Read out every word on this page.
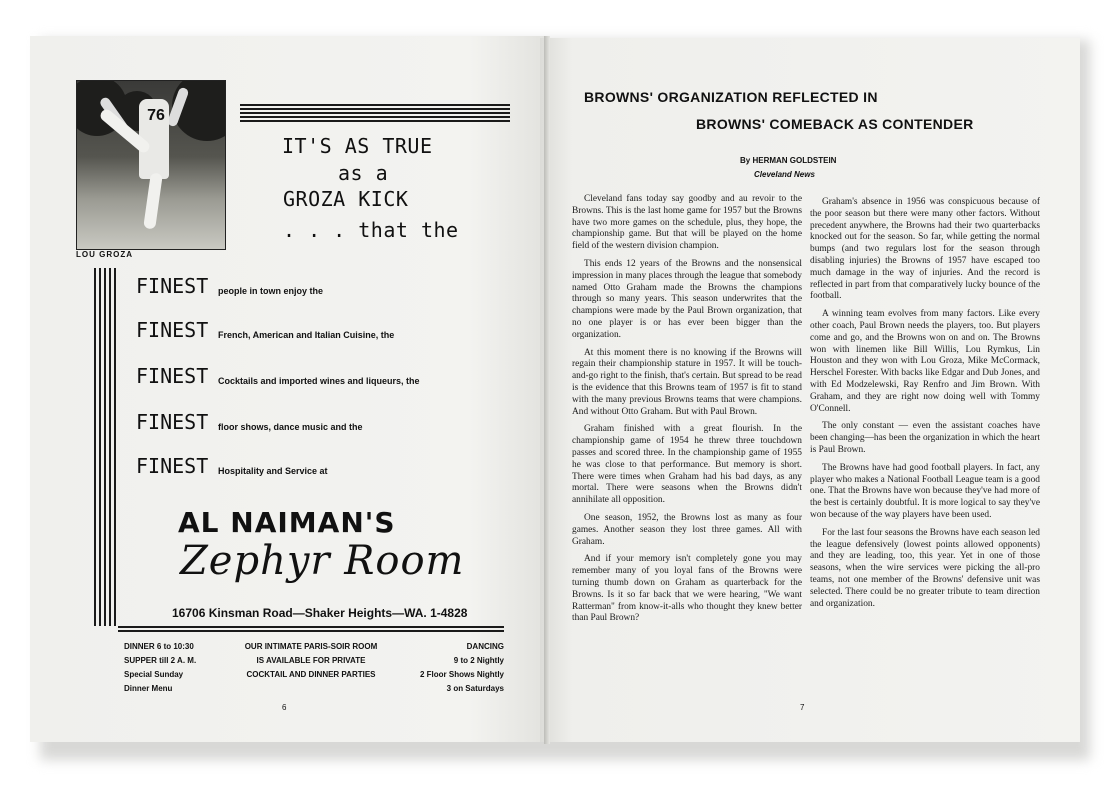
76
LOU GROZA
IT'S AS TRUE
as a
GROZA KICK
. . . that the
FINEST people in town enjoy the
FINEST French, American and Italian Cuisine, the
FINEST Cocktails and imported wines and liqueurs, the
FINEST floor shows, dance music and the
FINEST Hospitality and Service at
AL NAIMAN'S
Zephyr Room
16706 Kinsman Road—Shaker Heights—WA. 1-4828
DINNER 6 to 10:30
SUPPER till 2 A. M.
Special Sunday
Dinner Menu
OUR INTIMATE PARIS-SOIR ROOM
IS AVAILABLE FOR PRIVATE
COCKTAIL AND DINNER PARTIES
DANCING
9 to 2 Nightly
2 Floor Shows Nightly
3 on Saturdays
6
BROWNS' ORGANIZATION REFLECTED IN
BROWNS' COMEBACK AS CONTENDER
By HERMAN GOLDSTEIN
Cleveland News

Cleveland fans today say goodby and au revoir to the Browns. This is the last home game for 1957 but the Browns have two more games on the schedule, plus, they hope, the championship game. But that will be played on the home field of the western division champion.

This ends 12 years of the Browns and the nonsensical impression in many places through the league that somebody named Otto Graham made the Browns the champions through so many years. This season underwrites that the champions were made by the Paul Brown organization, that no one player is or has ever been bigger than the organization.

At this moment there is no knowing if the Browns will regain their championship stature in 1957. It will be touch-and-go right to the finish, that's certain. But spread to be read is the evidence that this Browns team of 1957 is fit to stand with the many previous Browns teams that were champions. And without Otto Graham. But with Paul Brown.

Graham finished with a great flourish. In the championship game of 1954 he threw three touchdown passes and scored three. In the championship game of 1955 he was close to that performance. But memory is short. There were times when Graham had his bad days, as any mortal. There were seasons when the Browns didn't annihilate all opposition.

One season, 1952, the Browns lost as many as four games. Another season they lost three games. All with Graham.

And if your memory isn't completely gone you may remember many of you loyal fans of the Browns were turning thumb down on Graham as quarterback for the Browns. Is it so far back that we were hearing, "We want Ratterman" from know-it-alls who thought they knew better than Paul Brown?

Graham's absence in 1956 was conspicuous because of the poor season but there were many other factors. Without precedent anywhere, the Browns had their two quarterbacks knocked out for the season. So far, while getting the normal bumps (and two regulars lost for the season through disabling injuries) the Browns of 1957 have escaped too much damage in the way of injuries. And the record is reflected in part from that comparatively lucky bounce of the football.

A winning team evolves from many factors. Like every other coach, Paul Brown needs the players, too. But players come and go, and the Browns won on and on. The Browns won with linemen like Bill Willis, Lou Rymkus, Lin Houston and they won with Lou Groza, Mike McCormack, Herschel Forester. With backs like Edgar and Dub Jones, and with Ed Modzelewski, Ray Renfro and Jim Brown. With Graham, and they are right now doing well with Tommy O'Connell.

The only constant — even the assistant coaches have been changing—has been the organization in which the heart is Paul Brown.

The Browns have had good football players. In fact, any player who makes a National Football League team is a good one. That the Browns have won because they've had more of the best is certainly doubtful. It is more logical to say they've won because of the way players have been used.

For the last four seasons the Browns have each season led the league defensively (lowest points allowed opponents) and they are leading, too, this year. Yet in one of those seasons, when the wire services were picking the all-pro teams, not one member of the Browns' defensive unit was selected. There could be no greater tribute to team direction and organization.

7
